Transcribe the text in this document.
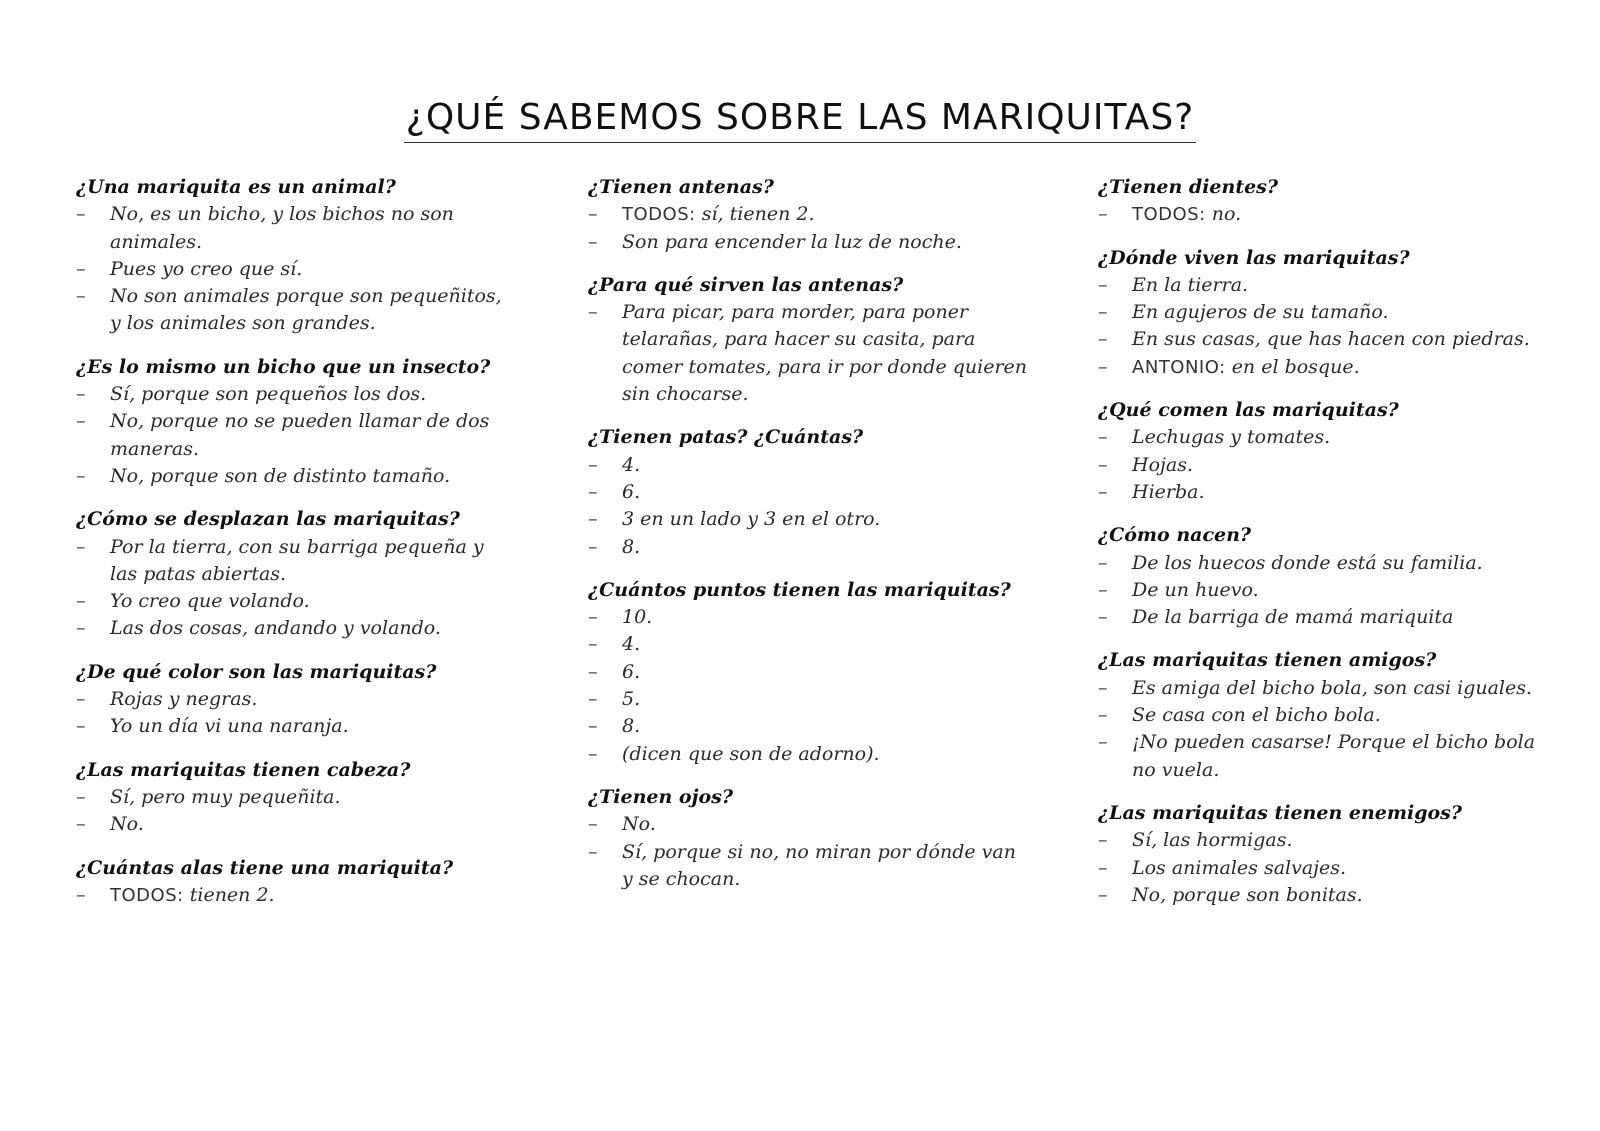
¿QUÉ SABEMOS SOBRE LAS MARIQUITAS?
¿Una mariquita es un animal?
– No, es un bicho, y los bichos no son animales.
– Pues yo creo que sí.
– No son animales porque son pequeñitos, y los animales son grandes.
¿Es lo mismo un bicho que un insecto?
– Sí, porque son pequeños los dos.
– No, porque no se pueden llamar de dos maneras.
– No, porque son de distinto tamaño.
¿Cómo se desplazan las mariquitas?
– Por la tierra, con su barriga pequeña y las patas abiertas.
– Yo creo que volando.
– Las dos cosas, andando y volando.
¿De qué color son las mariquitas?
– Rojas y negras.
– Yo un día vi una naranja.
¿Las mariquitas tienen cabeza?
– Sí, pero muy pequeñita.
– No.
¿Cuántas alas tiene una mariquita?
– TODOS: tienen 2.
¿Tienen antenas?
– TODOS: sí, tienen 2.
– Son para encender la luz de noche.
¿Para qué sirven las antenas?
– Para picar, para morder, para poner telarañas, para hacer su casita, para comer tomates, para ir por donde quieren sin chocarse.
¿Tienen patas? ¿Cuántas?
– 4.
– 6.
– 3 en un lado y 3 en el otro.
– 8.
¿Cuántos puntos tienen las mariquitas?
– 10.
– 4.
– 6.
– 5.
– 8.
– (dicen que son de adorno).
¿Tienen ojos?
– No.
– Sí, porque si no, no miran por dónde van y se chocan.
¿Tienen dientes?
– TODOS: no.
¿Dónde viven las mariquitas?
– En la tierra.
– En agujeros de su tamaño.
– En sus casas, que has hacen con piedras.
– ANTONIO: en el bosque.
¿Qué comen las mariquitas?
– Lechugas y tomates.
– Hojas.
– Hierba.
¿Cómo nacen?
– De los huecos donde está su familia.
– De un huevo.
– De la barriga de mamá mariquita
¿Las mariquitas tienen amigos?
– Es amiga del bicho bola, son casi iguales.
– Se casa con el bicho bola.
– ¡No pueden casarse! Porque el bicho bola no vuela.
¿Las mariquitas tienen enemigos?
– Sí, las hormigas.
– Los animales salvajes.
– No, porque son bonitas.
